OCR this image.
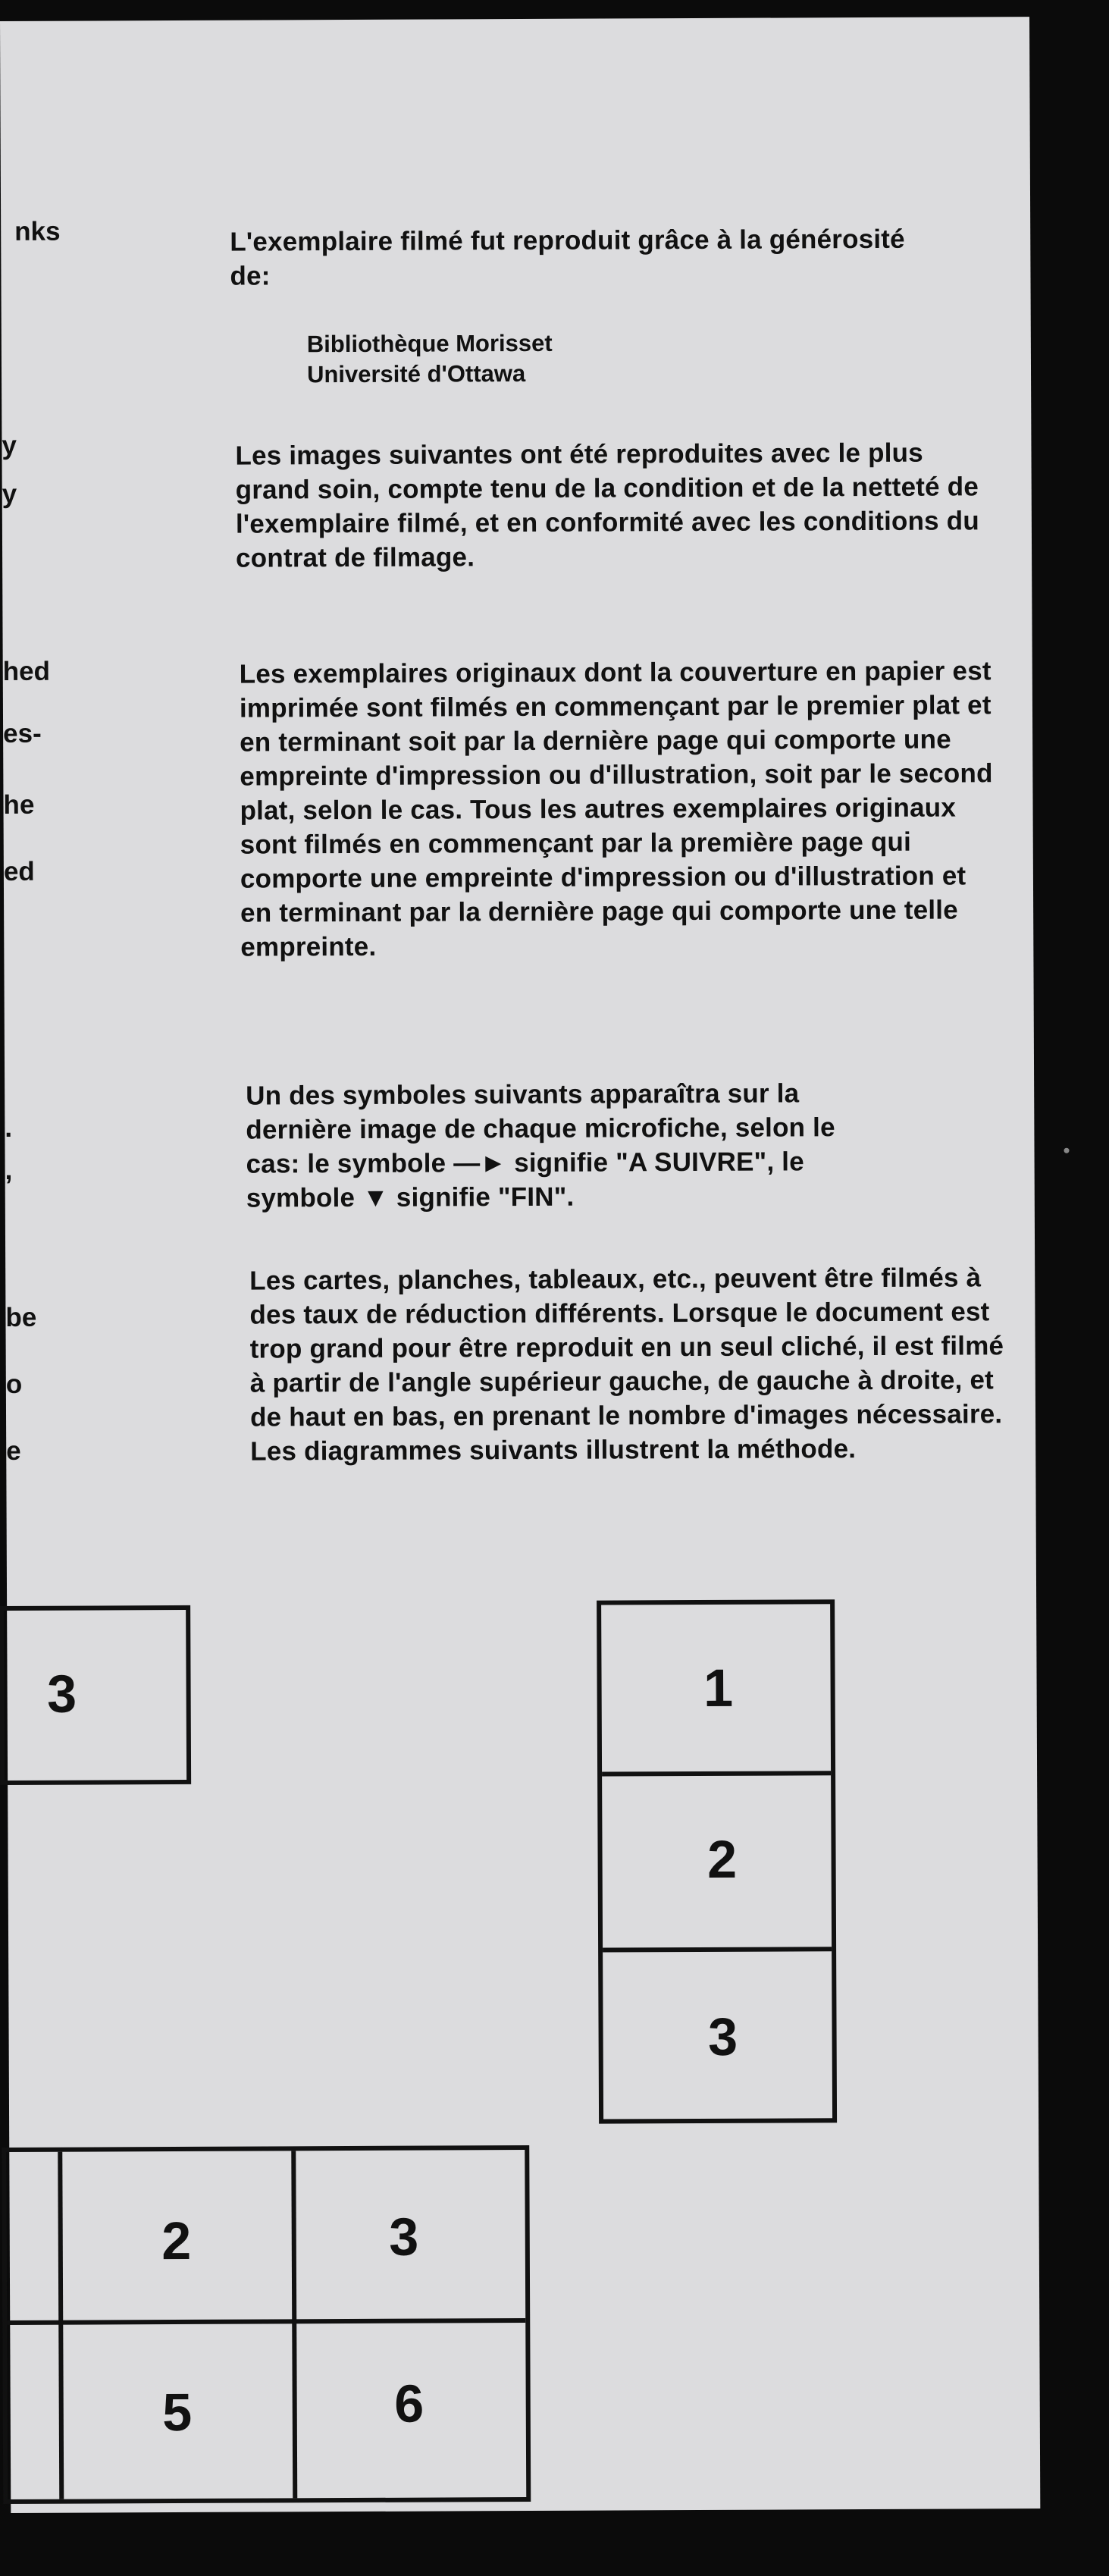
nks
y
y
hed
es-
he
ed
.
,
be
o
e
L'exemplaire filmé fut reproduit grâce à la générosité de:
Bibliothèque Morisset
Université d'Ottawa
Les images suivantes ont été reproduites avec le plus grand soin, compte tenu de la condition et de la netteté de l'exemplaire filmé, et en conformité avec les conditions du contrat de filmage.
Les exemplaires originaux dont la couverture en papier est imprimée sont filmés en commençant par le premier plat et en terminant soit par la dernière page qui comporte une empreinte d'impression ou d'illustration, soit par le second plat, selon le cas. Tous les autres exemplaires originaux sont filmés en commençant par la première page qui comporte une empreinte d'impression ou d'illustration et en terminant par la dernière page qui comporte une telle empreinte.
Un des symboles suivants apparaîtra sur la
dernière image de chaque microfiche, selon le
cas: le symbole —► signifie "A SUIVRE", le
symbole ▼ signifie "FIN".
Les cartes, planches, tableaux, etc., peuvent être filmés à des taux de réduction différents. Lorsque le document est trop grand pour être reproduit en un seul cliché, il est filmé à partir de l'angle supérieur gauche, de gauche à droite, et de haut en bas, en prenant le nombre d'images nécessaire. Les diagrammes suivants illustrent la méthode.
3	1
2
3
2	3
5	6
•
